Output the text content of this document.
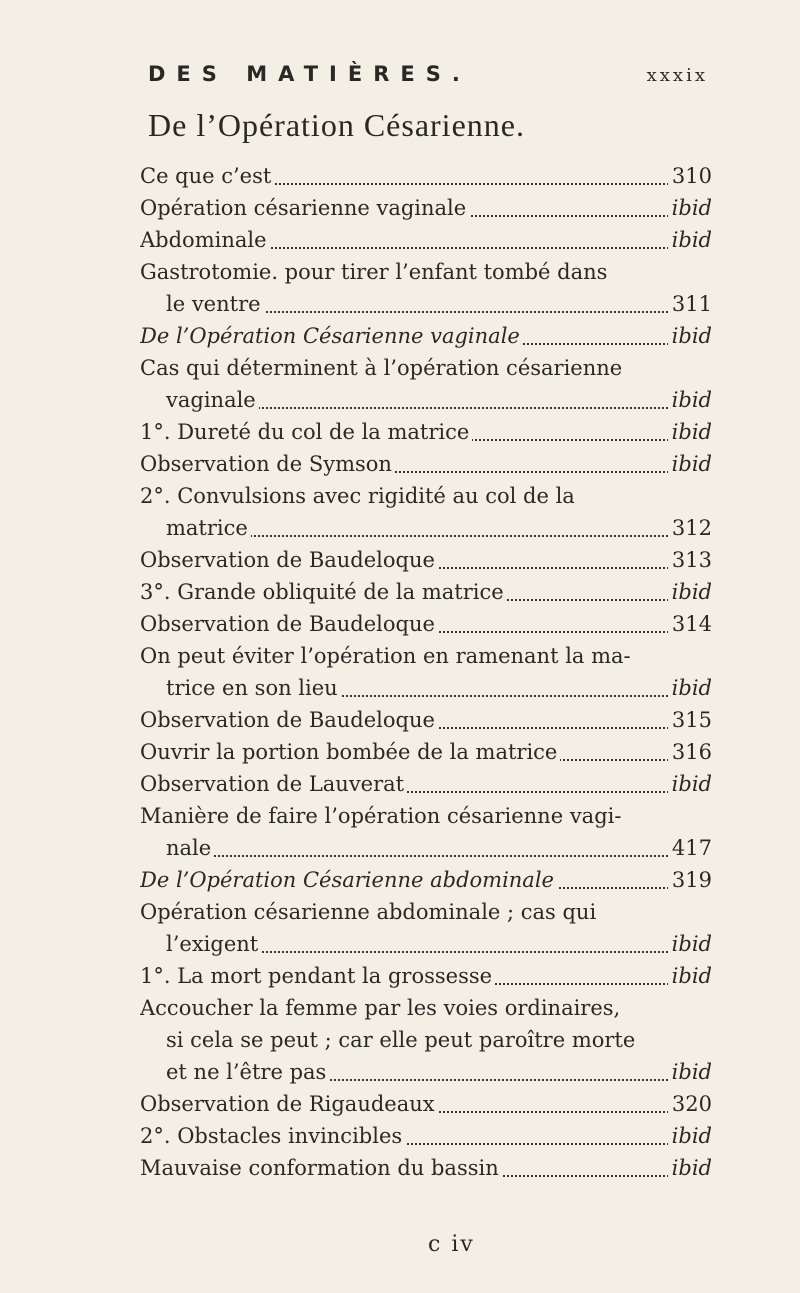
DES MATIÈRES.	xxxix
De l’Opération Césarienne.
Ce que c’est	310
Opération césarienne vaginale	ibid
Abdominale	ibid
Gastrotomie. pour tirer l’enfant tombé dans
le ventre	311
De l’Opération Césarienne vaginale	ibid
Cas qui déterminent à l’opération césarienne
vaginale	ibid
1°. Dureté du col de la matrice	ibid
Observation de Symson	ibid
2°. Convulsions avec rigidité au col de la
matrice	312
Observation de Baudeloque	313
3°. Grande obliquité de la matrice	ibid
Observation de Baudeloque	314
On peut éviter l’opération en ramenant la ma-
trice en son lieu	ibid
Observation de Baudeloque	315
Ouvrir la portion bombée de la matrice	316
Observation de Lauverat	ibid
Manière de faire l’opération césarienne vagi-
nale	417
De l’Opération Césarienne abdominale	319
Opération césarienne abdominale ; cas qui
l’exigent	ibid
1°. La mort pendant la grossesse	ibid
Accoucher la femme par les voies ordinaires,
si cela se peut ; car elle peut paroître morte
et ne l’être pas	ibid
Observation de Rigaudeaux	320
2°. Obstacles invincibles	ibid
Mauvaise conformation du bassin	ibid
c iv
